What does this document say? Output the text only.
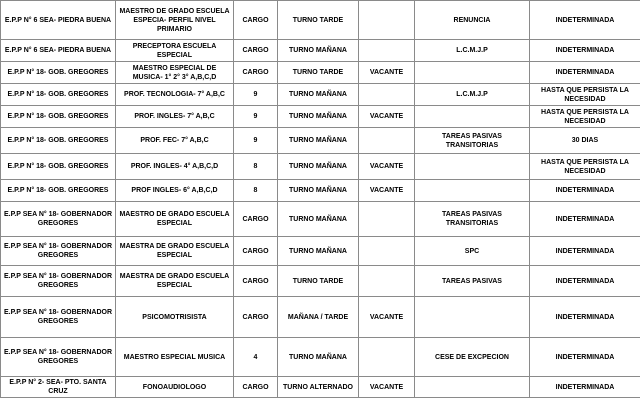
E.P.P N° 6 SEA- PIEDRA BUENA	MAESTRO DE GRADO ESCUELA ESPECIA- PERFIL NIVEL PRIMARIO	CARGO	TURNO TARDE		RENUNCIA	INDETERMINADA
E.P.P N° 6 SEA- PIEDRA BUENA	PRECEPTORA ESCUELA ESPECIAL	CARGO	TURNO MAÑANA		L.C.M.J.P	INDETERMINADA
E.P.P N° 18- GOB. GREGORES	MAESTRO ESPECIAL DE MUSICA- 1° 2° 3° A,B,C,D	CARGO	TURNO TARDE	VACANTE		INDETERMINADA
E.P.P N° 18- GOB. GREGORES	PROF. TECNOLOGIA- 7° A,B,C	9	TURNO MAÑANA		L.C.M.J.P	HASTA QUE PERSISTA LA NECESIDAD
E.P.P N° 18- GOB. GREGORES	PROF. INGLES- 7° A,B,C	9	TURNO MAÑANA	VACANTE		HASTA QUE PERSISTA LA NECESIDAD
E.P.P N° 18- GOB. GREGORES	PROF. FEC- 7° A,B,C	9	TURNO MAÑANA		TAREAS PASIVAS TRANSITORIAS	30 DIAS
E.P.P N° 18- GOB. GREGORES	PROF. INGLES- 4° A,B,C,D	8	TURNO MAÑANA	VACANTE		HASTA QUE PERSISTA LA NECESIDAD
E.P.P N° 18- GOB. GREGORES	PROF INGLES- 6° A,B,C,D	8	TURNO MAÑANA	VACANTE		INDETERMINADA
E.P.P SEA N° 18- GOBERNADOR GREGORES	MAESTRO DE GRADO ESCUELA ESPECIAL	CARGO	TURNO MAÑANA		TAREAS PASIVAS TRANSITORIAS	INDETERMINADA
E.P.P SEA N° 18- GOBERNADOR GREGORES	MAESTRA DE GRADO ESCUELA ESPECIAL	CARGO	TURNO MAÑANA		SPC	INDETERMINADA
E.P.P SEA N° 18- GOBERNADOR GREGORES	MAESTRA DE GRADO ESCUELA ESPECIAL	CARGO	TURNO TARDE		TAREAS PASIVAS	INDETERMINADA
E.P.P SEA N° 18- GOBERNADOR GREGORES	PSICOMOTRISISTA	CARGO	MAÑANA / TARDE	VACANTE		INDETERMINADA
E.P.P SEA N° 18- GOBERNADOR GREGORES	MAESTRO ESPECIAL MUSICA	4	TURNO MAÑANA		CESE DE EXCPECION	INDETERMINADA
E.P.P N° 2- SEA- PTO. SANTA CRUZ	FONOAUDIOLOGO	CARGO	TURNO ALTERNADO	VACANTE		INDETERMINADA
